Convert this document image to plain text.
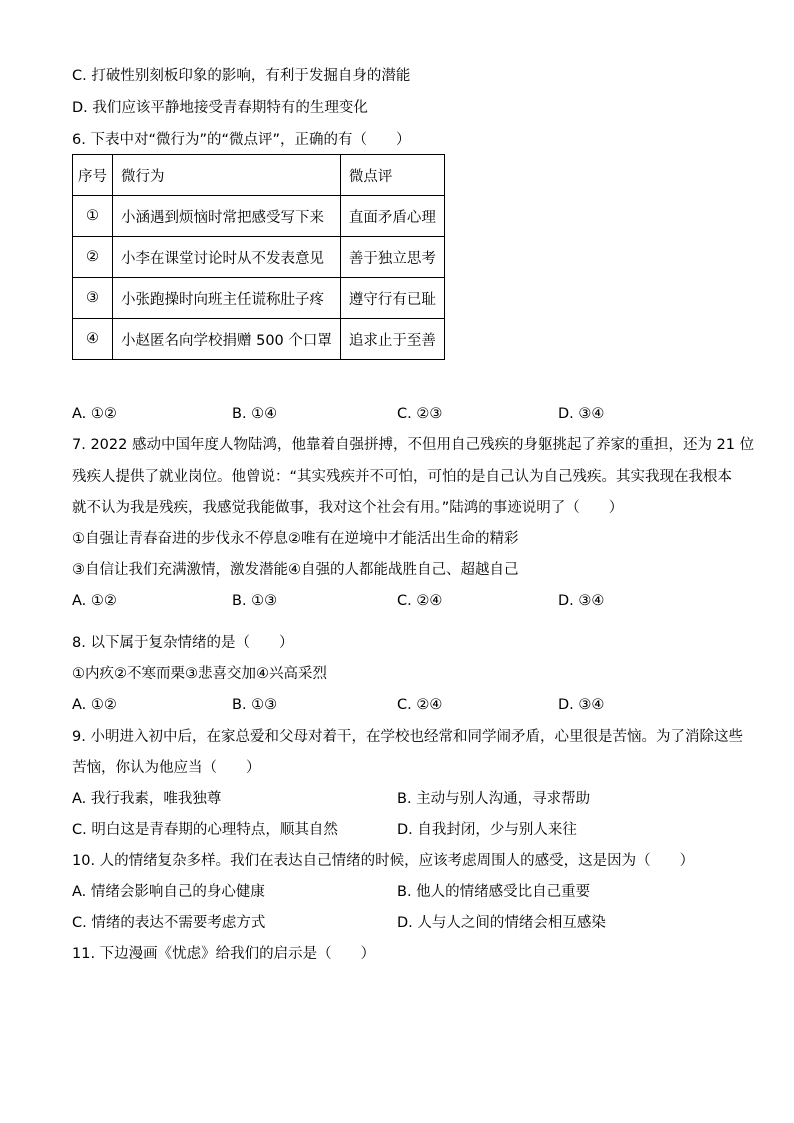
C. 打破性别刻板印象的影响，有利于发掘自身的潜能
D. 我们应该平静地接受青春期特有的生理变化
6. 下表中对“微行为”的“微点评”，正确的有（　　）
序号	微行为	微点评
①	小涵遇到烦恼时常把感受写下来	直面矛盾心理
②	小李在课堂讨论时从不发表意见	善于独立思考
③	小张跑操时向班主任谎称肚子疼	遵守行有已耻
④	小赵匿名向学校捐赠 500 个口罩	追求止于至善
A. ①②	B. ①④	C. ②③	D. ③④
7. 2022 感动中国年度人物陆鸿，他靠着自强拼搏，不但用自己残疾的身躯挑起了养家的重担，还为 21 位
残疾人提供了就业岗位。他曾说：“其实残疾并不可怕，可怕的是自己认为自己残疾。其实我现在我根本
就不认为我是残疾，我感觉我能做事，我对这个社会有用。”陆鸿的事迹说明了（　　）
①自强让青春奋进的步伐永不停息②唯有在逆境中才能活出生命的精彩
③自信让我们充满激情，激发潜能④自强的人都能战胜自己、超越自己
A. ①②	B. ①③	C. ②④	D. ③④
8. 以下属于复杂情绪的是（　　）
①内疚②不寒而栗③悲喜交加④兴高采烈
A. ①②	B. ①③	C. ②④	D. ③④
9. 小明进入初中后，在家总爱和父母对着干，在学校也经常和同学闹矛盾，心里很是苦恼。为了消除这些
苦恼，你认为他应当（　　）
A. 我行我素，唯我独尊	B. 主动与别人沟通，寻求帮助
C. 明白这是青春期的心理特点，顺其自然	D. 自我封闭，少与别人来往
10. 人的情绪复杂多样。我们在表达自己情绪的时候，应该考虑周围人的感受，这是因为（　　）
A. 情绪会影响自己的身心健康	B. 他人的情绪感受比自己重要
C. 情绪的表达不需要考虑方式	D. 人与人之间的情绪会相互感染
11. 下边漫画《忧虑》给我们的启示是（　　）
